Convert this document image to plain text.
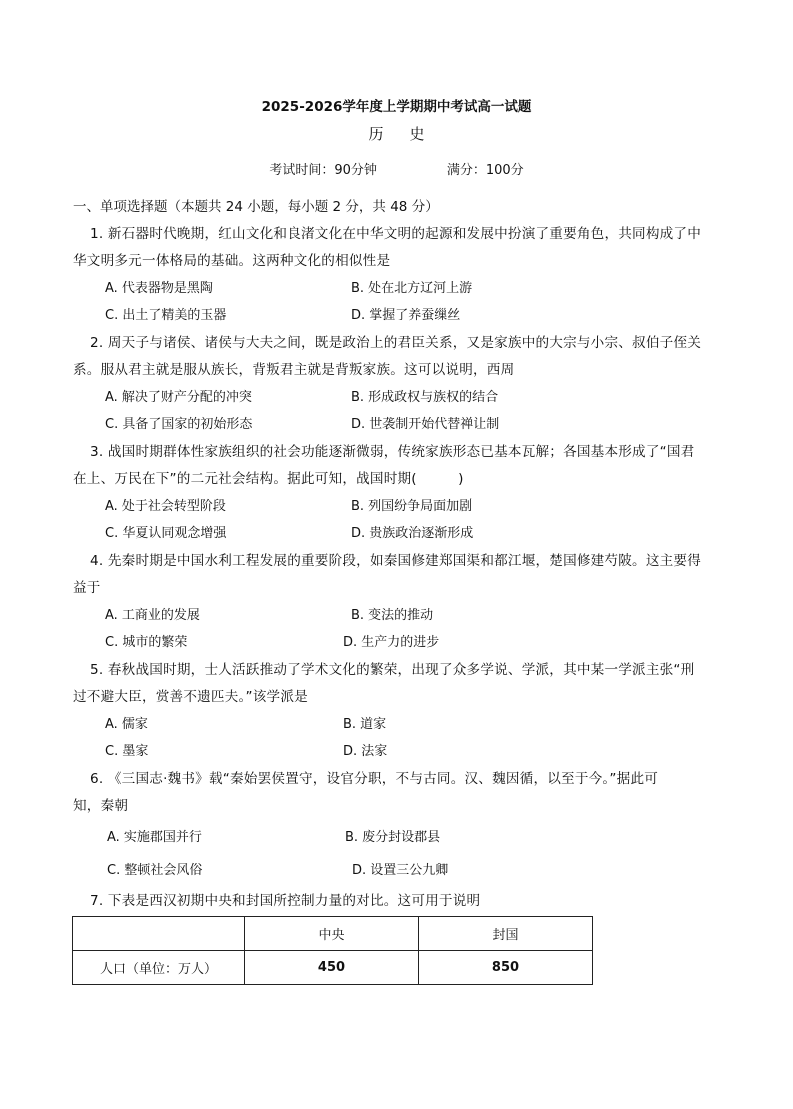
2025-2026学年度上学期期中考试高一试题
历史
考试时间：90分钟	满分：100分
一、单项选择题（本题共 24 小题，每小题 2 分，共 48 分）
1. 新石器时代晚期，红山文化和良渚文化在中华文明的起源和发展中扮演了重要角色，共同构成了中
华文明多元一体格局的基础。这两种文化的相似性是
A. 代表器物是黑陶	B. 处在北方辽河上游
C. 出土了精美的玉器	D. 掌握了养蚕缫丝
2. 周天子与诸侯、诸侯与大夫之间，既是政治上的君臣关系，又是家族中的大宗与小宗、叔伯子侄关
系。服从君主就是服从族长，背叛君主就是背叛家族。这可以说明，西周
A. 解决了财产分配的冲突	B. 形成政权与族权的结合
C. 具备了国家的初始形态	D. 世袭制开始代替禅让制
3. 战国时期群体性家族组织的社会功能逐渐微弱，传统家族形态已基本瓦解；各国基本形成了“国君
在上、万民在下”的二元社会结构。据此可知，战国时期(　　　)
A. 处于社会转型阶段	B. 列国纷争局面加剧
C. 华夏认同观念增强	D. 贵族政治逐渐形成
4. 先秦时期是中国水利工程发展的重要阶段，如秦国修建郑国渠和都江堰，楚国修建芍陂。这主要得
益于
A. 工商业的发展	B. 变法的推动
C. 城市的繁荣	D. 生产力的进步
5. 春秋战国时期，士人活跃推动了学术文化的繁荣，出现了众多学说、学派，其中某一学派主张“刑
过不避大臣，赏善不遗匹夫。”该学派是
A. 儒家	B. 道家
C. 墨家	D. 法家
6. 《三国志·魏书》载“秦始罢侯置守，设官分职，不与古同。汉、魏因循，以至于今。”据此可
知，秦朝
A. 实施郡国并行	B. 废分封设郡县
C. 整顿社会风俗	D. 设置三公九卿
7. 下表是西汉初期中央和封国所控制力量的对比。这可用于说明
	中央	封国
人口（单位：万人）	450	850
